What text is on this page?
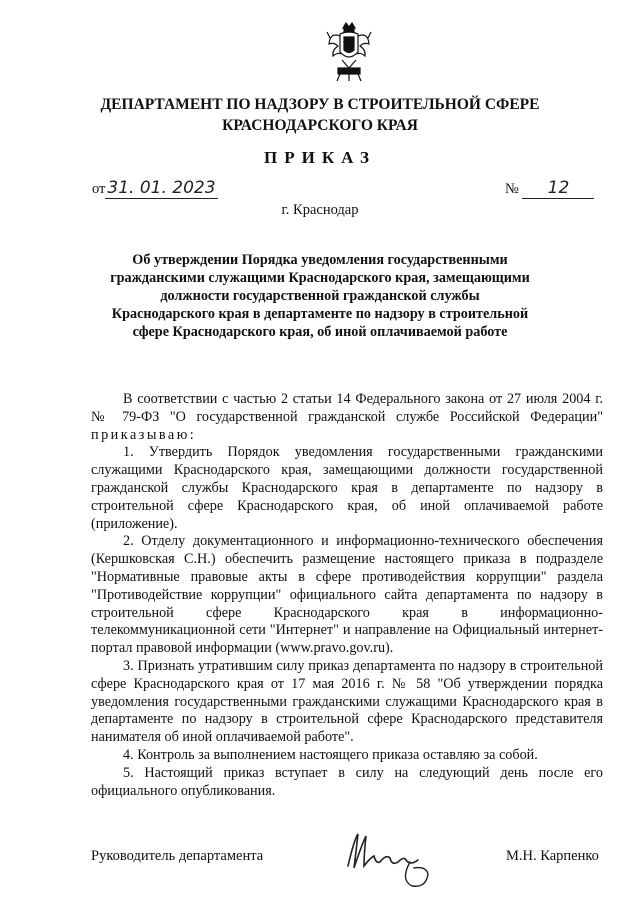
ДЕПАРТАМЕНТ ПО НАДЗОРУ В СТРОИТЕЛЬНОЙ СФЕРЕ
КРАСНОДАРСКОГО КРАЯ
ПРИКАЗ
от 31. 01. 2023	№ 12
г. Краснодар
Об утверждении Порядка уведомления государственными гражданскими служащими Краснодарского края, замещающими должности государственной гражданской службы Краснодарского края в департаменте по надзору в строительной сфере Краснодарского края, об иной оплачиваемой работе

В соответствии с частью 2 статьи 14 Федерального закона от 27 июля 2004 г. № 79-ФЗ "О государственной гражданской службе Российской Федерации" приказываю:

1. Утвердить Порядок уведомления государственными гражданскими служащими Краснодарского края, замещающими должности государственной гражданской службы Краснодарского края в департаменте по надзору в строительной сфере Краснодарского края, об иной оплачиваемой работе (приложение).

2. Отделу документационного и информационно-технического обеспечения (Кершковская С.Н.) обеспечить размещение настоящего приказа в подразделе "Нормативные правовые акты в сфере противодействия коррупции" раздела "Противодействие коррупции" официального сайта департамента по надзору в строительной сфере Краснодарского края в информационно-телекоммуникационной сети "Интернет" и направление на Официальный интернет-портал правовой информации (www.pravo.gov.ru).

3. Признать утратившим силу приказ департамента по надзору в строительной сфере Краснодарского края от 17 мая 2016 г. № 58 "Об утверждении порядка уведомления государственными гражданскими служащими Краснодарского края в департаменте по надзору в строительной сфере Краснодарского представителя нанимателя об иной оплачиваемой работе".

4. Контроль за выполнением настоящего приказа оставляю за собой.

5. Настоящий приказ вступает в силу на следующий день после его официального опубликования.

Руководитель департамента	М.Н. Карпенко
